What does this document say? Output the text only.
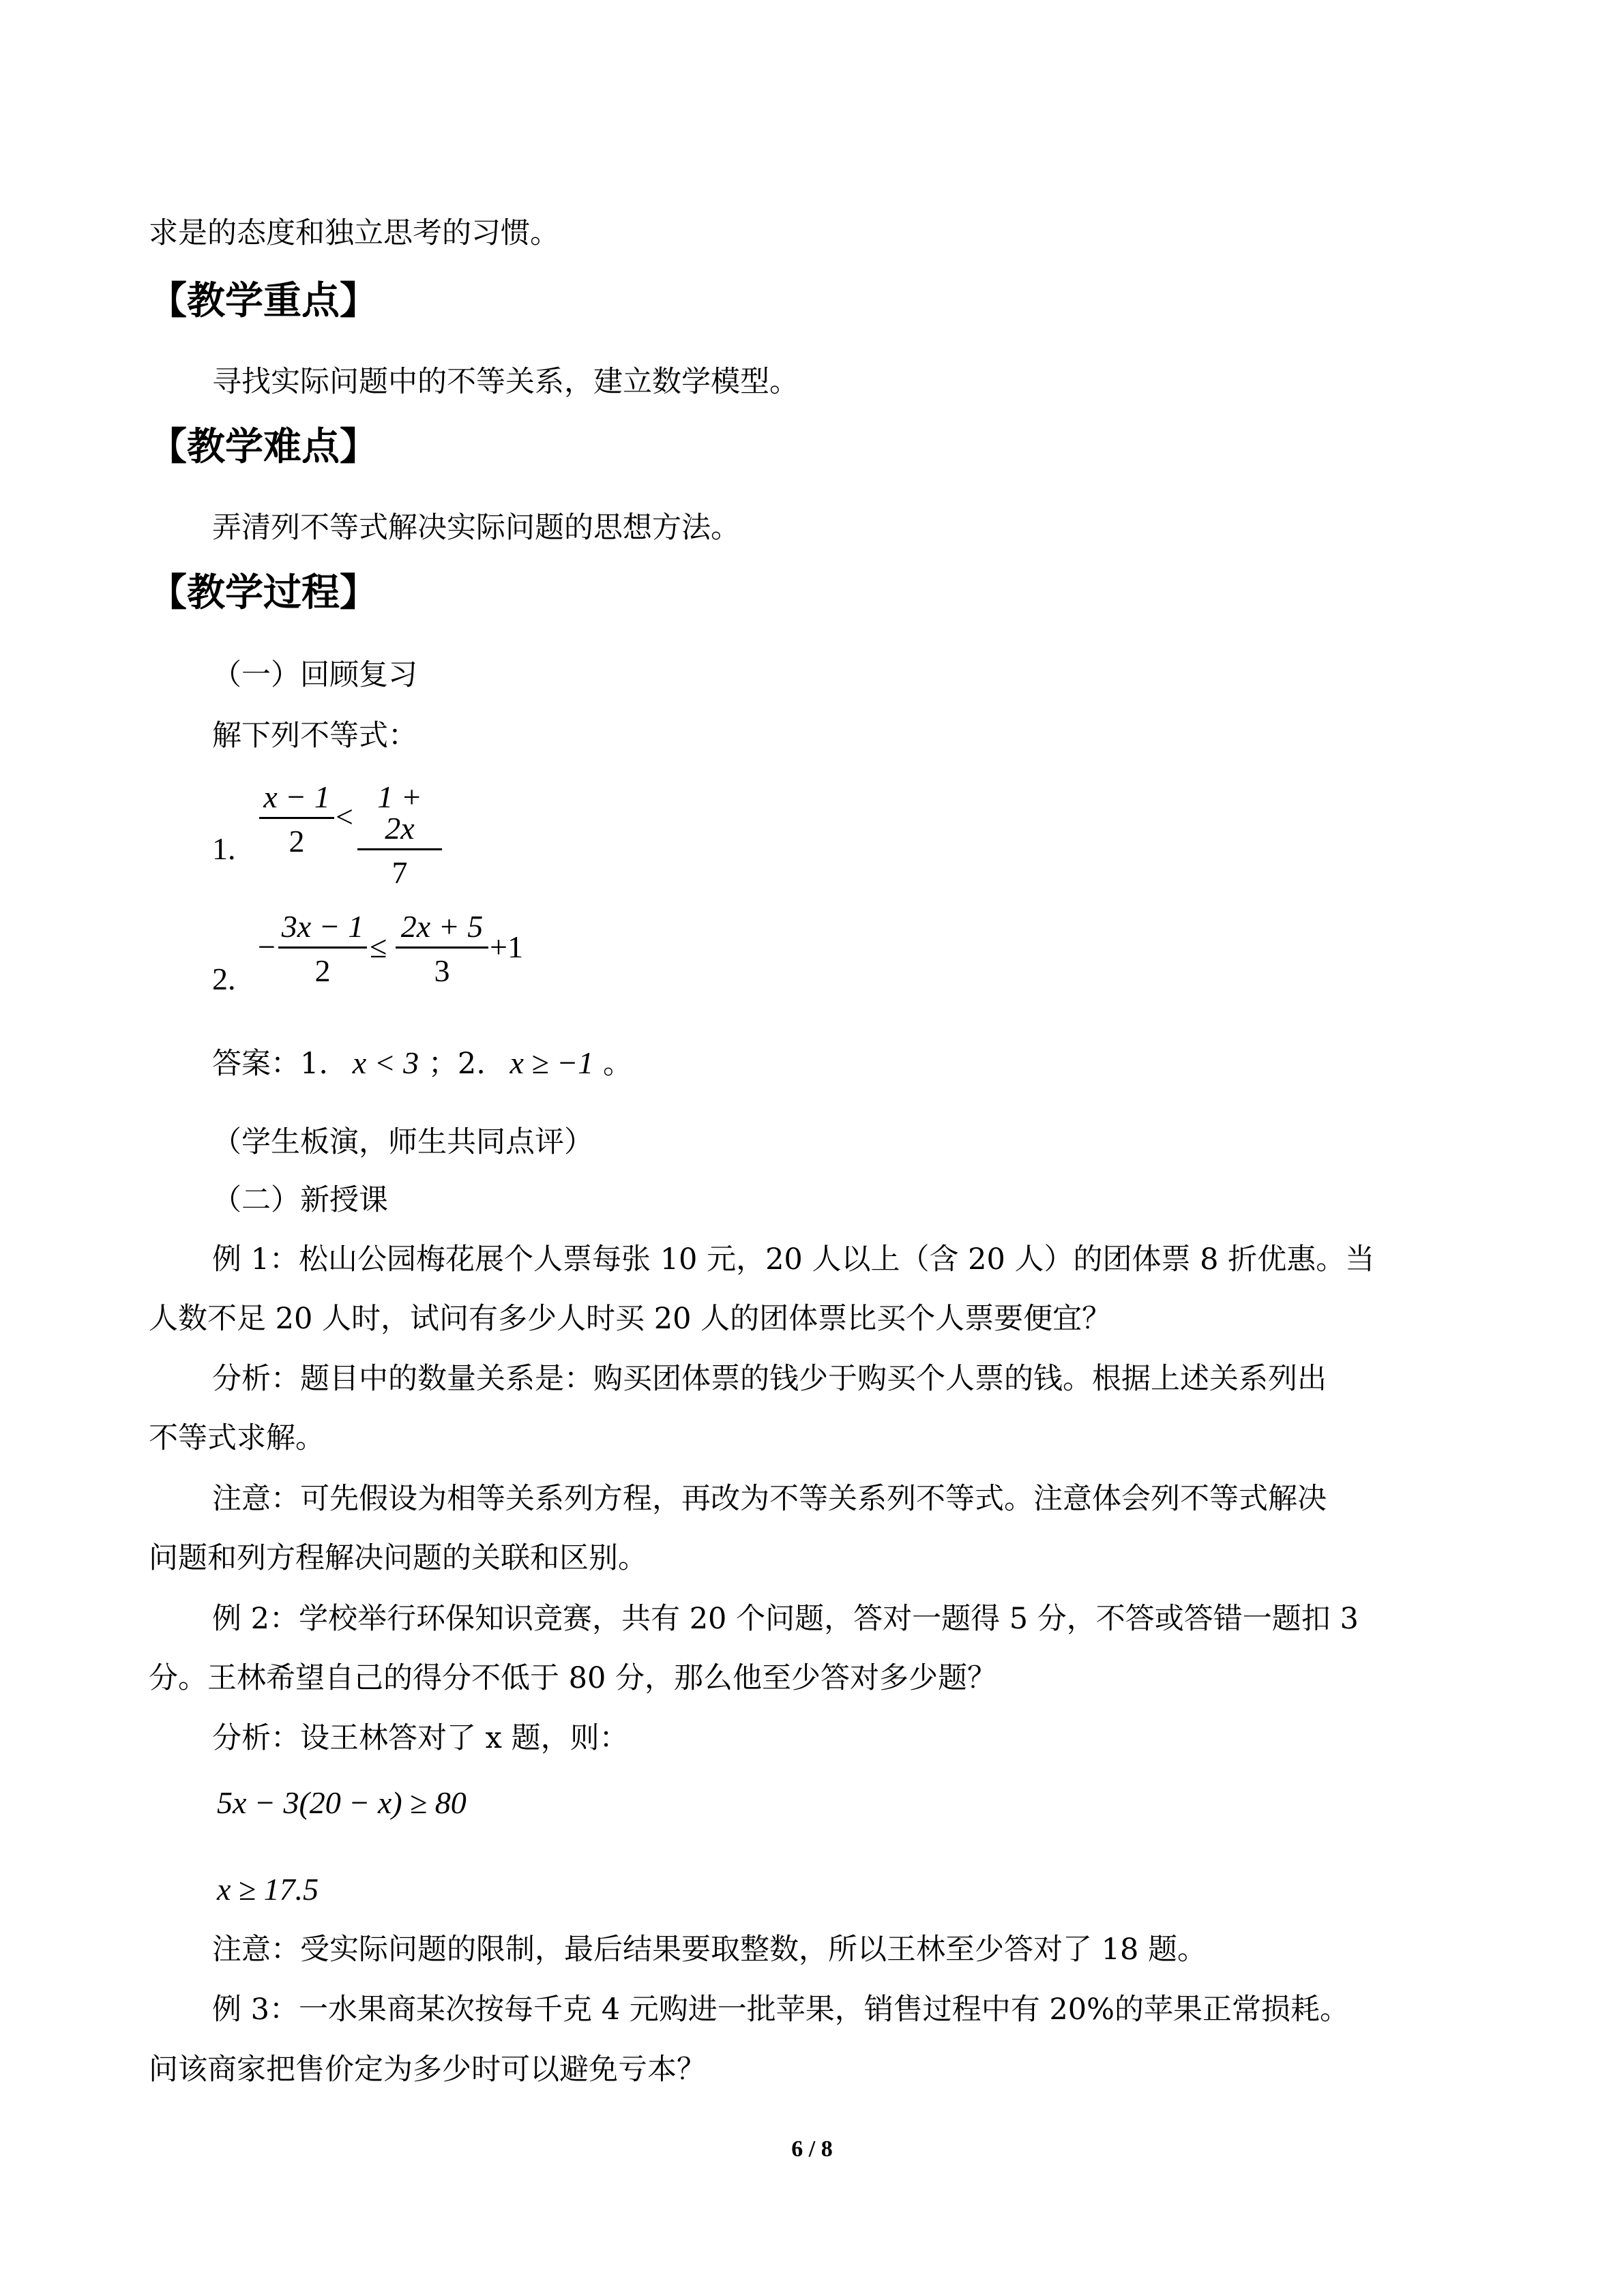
求是的态度和独立思考的习惯。
【教学重点】
寻找实际问题中的不等关系，建立数学模型。
【教学难点】
弄清列不等式解决实际问题的思想方法。
【教学过程】
（一）回顾复习
解下列不等式：
1. $\frac{x - 1}{2} < \frac{1 + 2x}{7}$
2.
− $\frac{3x - 1}{2} \le \frac{2x + 5}{3} +1$
答案：1. x < 3 ；2. x ≥ −1 。
（学生板演，师生共同点评）
（二）新授课
例 1：松山公园梅花展个人票每张 10 元，20 人以上（含 20 人）的团体票 8 折优惠。当
人数不足 20 人时，试问有多少人时买 20 人的团体票比买个人票要便宜？
分析：题目中的数量关系是：购买团体票的钱少于购买个人票的钱。根据上述关系列出
不等式求解。
注意：可先假设为相等关系列方程，再改为不等关系列不等式。注意体会列不等式解决
问题和列方程解决问题的关联和区别。
例 2：学校举行环保知识竞赛，共有 20 个问题，答对一题得 5 分，不答或答错一题扣 3
分。王林希望自己的得分不低于 80 分，那么他至少答对多少题？
分析：设王林答对了 x 题，则：
5x − 3(20 − x) ≥ 80
x ≥ 17.5
注意：受实际问题的限制，最后结果要取整数，所以王林至少答对了 18 题。
例 3：一水果商某次按每千克 4 元购进一批苹果，销售过程中有 20%的苹果正常损耗。
问该商家把售价定为多少时可以避免亏本？
6 / 8
